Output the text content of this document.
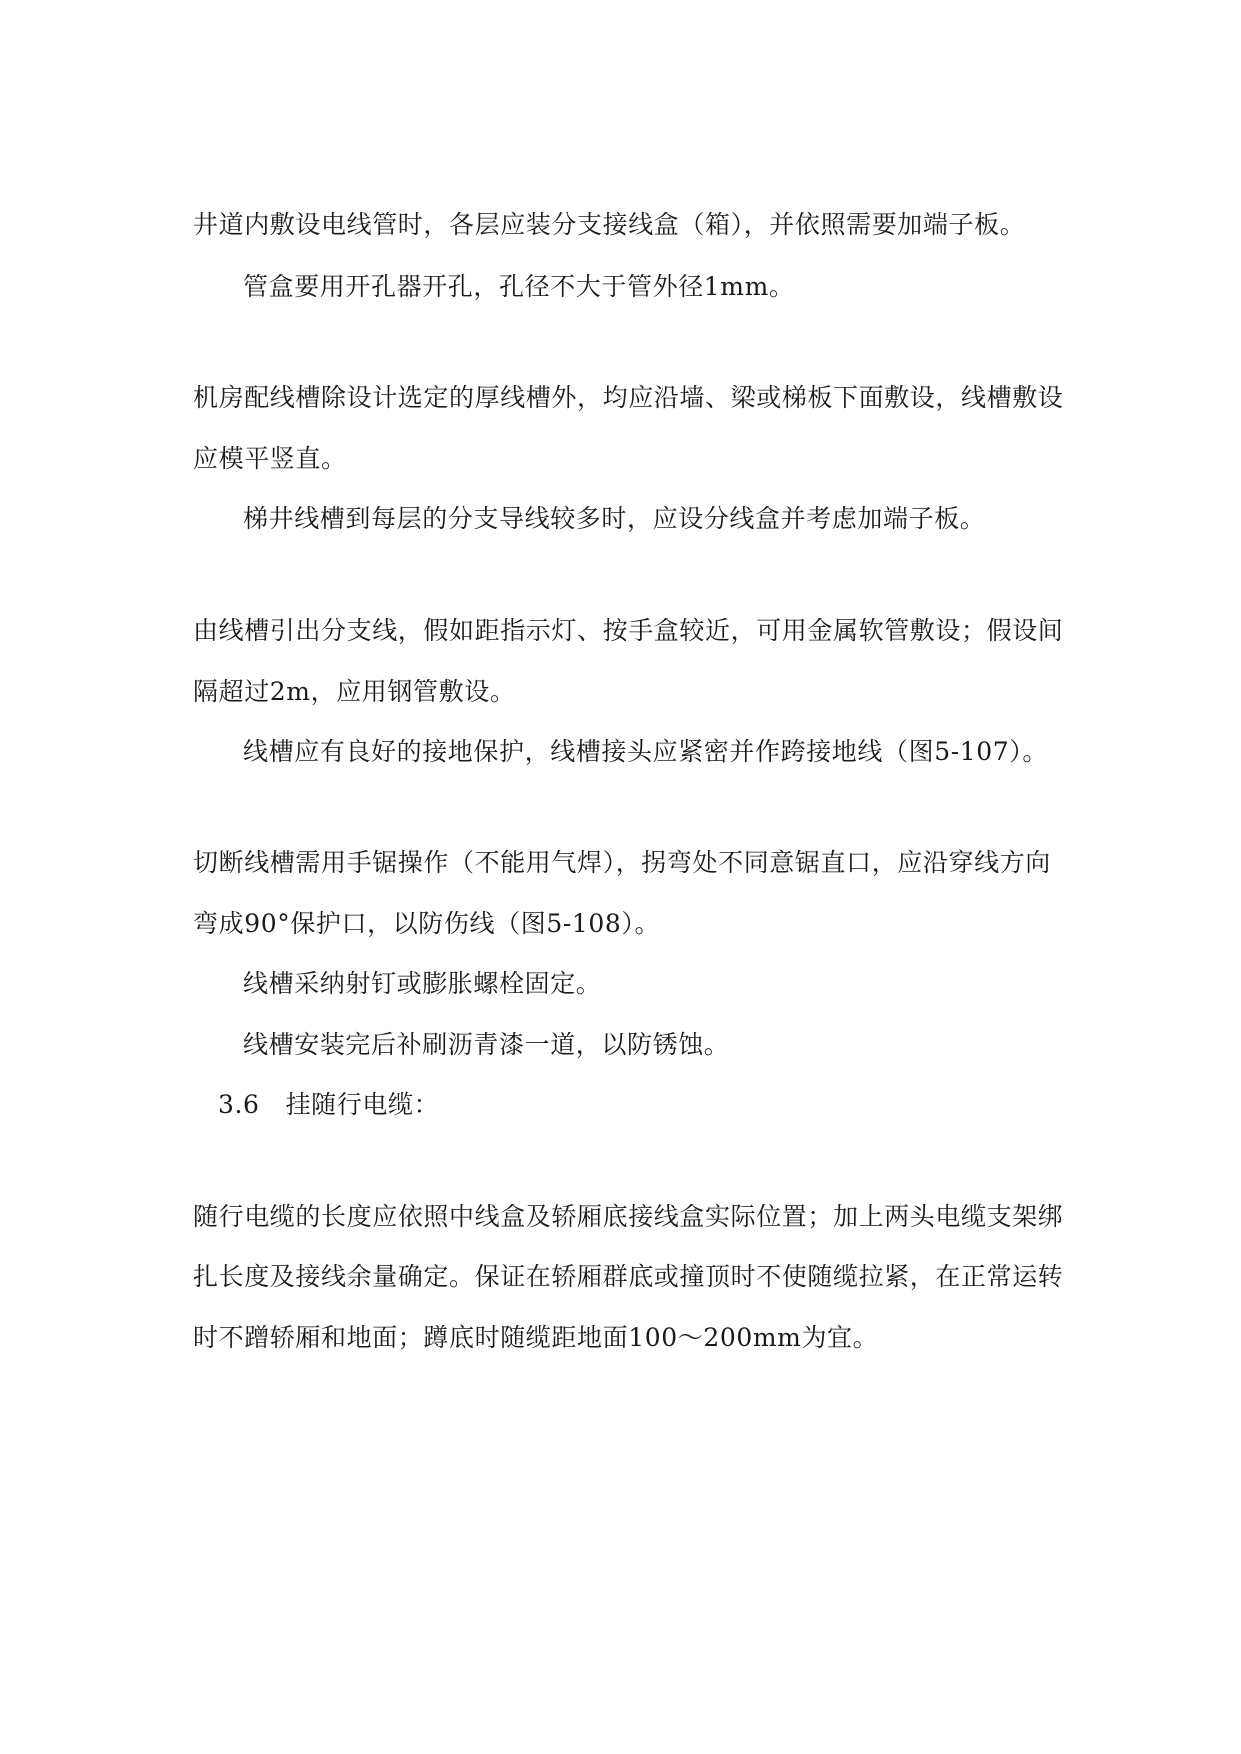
井道内敷设电线管时，各层应装分支接线盒（箱），并依照需要加端子板。
管盒要用开孔器开孔，孔径不大于管外径1mm。
机房配线槽除设计选定的厚线槽外，均应沿墙、梁或梯板下面敷设，线槽敷设
应模平竖直。
梯井线槽到每层的分支导线较多时，应设分线盒并考虑加端子板。
由线槽引出分支线，假如距指示灯、按手盒较近，可用金属软管敷设；假设间
隔超过2m，应用钢管敷设。
线槽应有良好的接地保护，线槽接头应紧密并作跨接地线（图5-107）。
切断线槽需用手锯操作（不能用气焊），拐弯处不同意锯直口，应沿穿线方向
弯成90°保护口，以防伤线（图5-108）。
线槽采纳射钉或膨胀螺栓固定。
线槽安装完后补刷沥青漆一道，以防锈蚀。
3.6 挂随行电缆：
随行电缆的长度应依照中线盒及轿厢底接线盒实际位置；加上两头电缆支架绑
扎长度及接线余量确定。保证在轿厢群底或撞顶时不使随缆拉紧，在正常运转
时不蹭轿厢和地面；蹲底时随缆距地面100～200mm为宜。
